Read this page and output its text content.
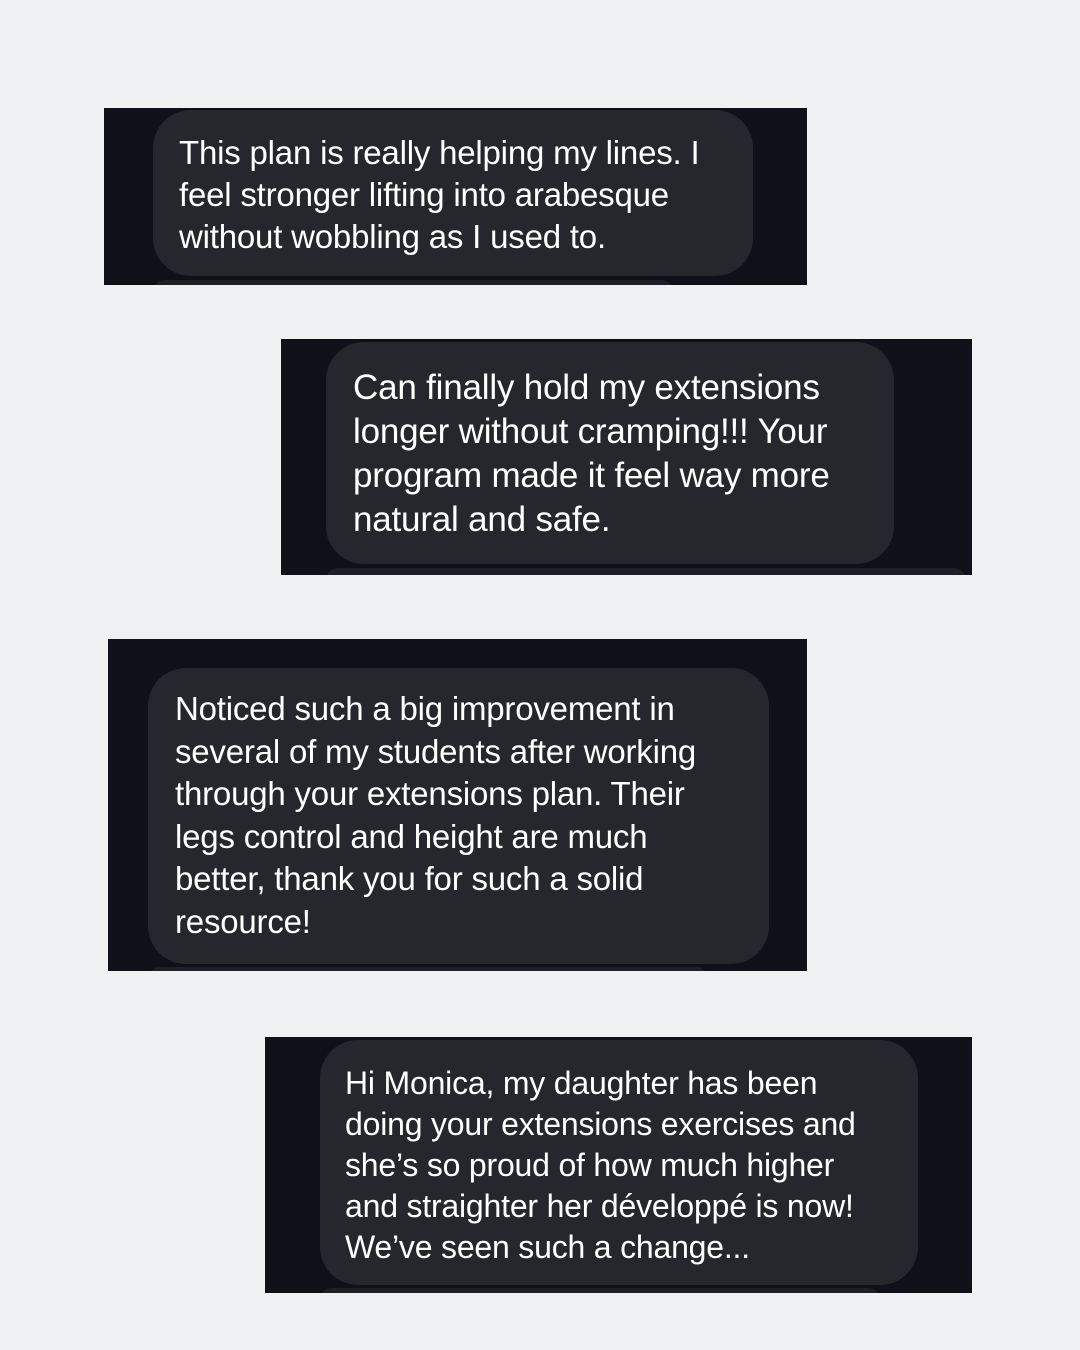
This plan is really helping my lines. I feel stronger lifting into arabesque without wobbling as I used to.
Can finally hold my extensions longer without cramping!!! Your program made it feel way more natural and safe.
Noticed such a big improvement in several of my students after working through your extensions plan. Their legs control and height are much better, thank you for such a solid resource!
Hi Monica, my daughter has been doing your extensions exercises and she’s so proud of how much higher and straighter her développé is now! We’ve seen such a change...
